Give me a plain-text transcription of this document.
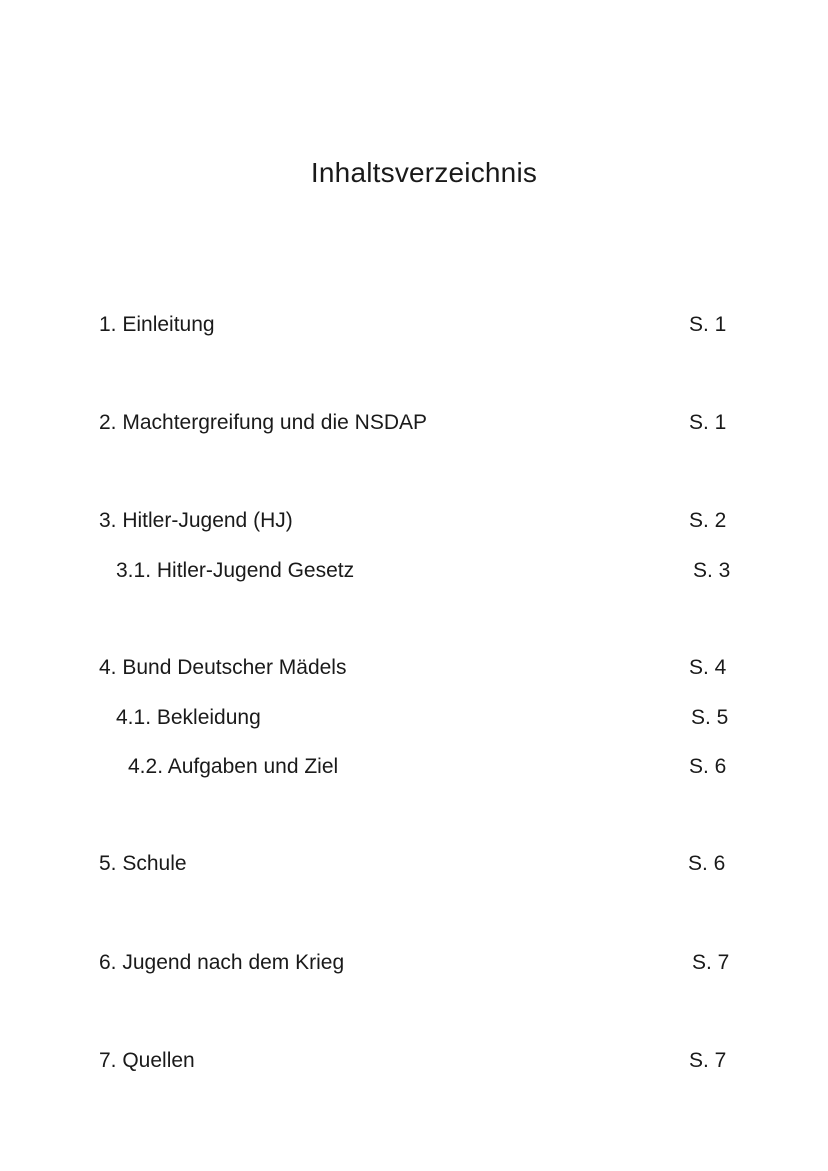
Inhaltsverzeichnis
1. Einleitung	S. 1
2. Machtergreifung und die NSDAP	S. 1
3. Hitler-Jugend (HJ)	S. 2
3.1. Hitler-Jugend Gesetz	S. 3
4. Bund Deutscher Mädels	S. 4
4.1. Bekleidung	S. 5
4.2. Aufgaben und Ziel	S. 6
5. Schule	S. 6
6. Jugend nach dem Krieg	S. 7
7. Quellen	S. 7
